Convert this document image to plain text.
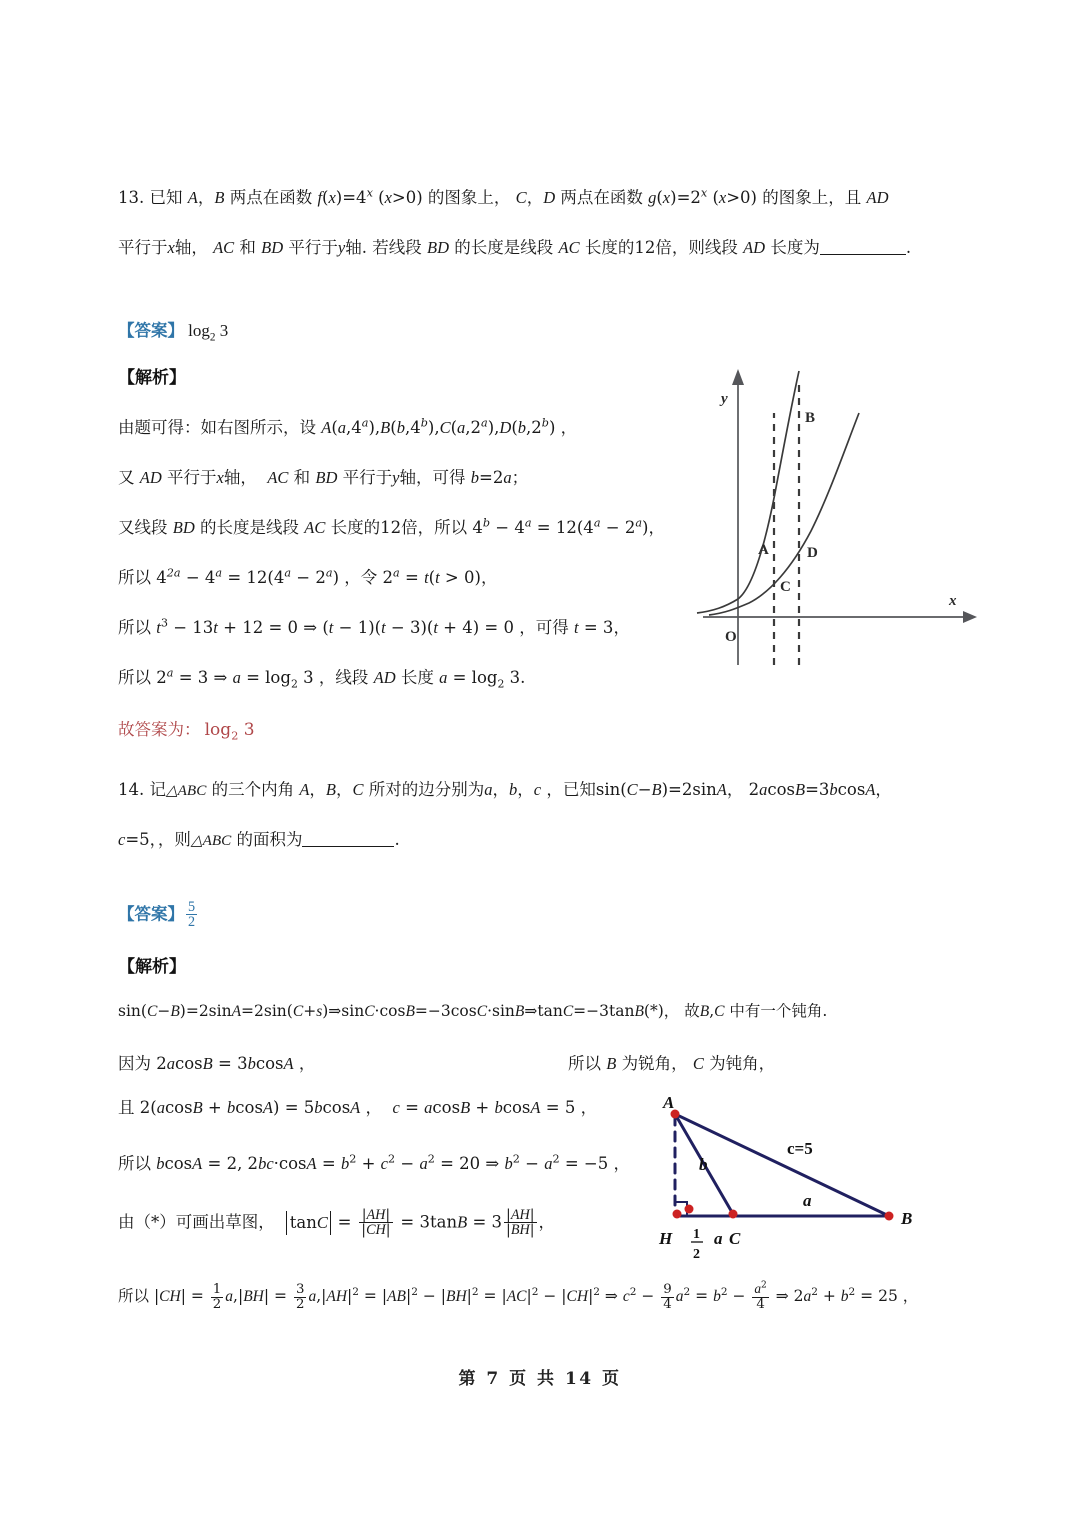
13. 已知 A，B 两点在函数 $f(x)=4^x$ (x>0) 的图象上， C，D 两点在函数 $g(x)=2^x$ (x>0) 的图象上，且 AD
平行于x轴， AC 和 BD 平行于y轴. 若线段 BD 的长度是线段 AC 长度的12倍，则线段 AD 长度为	.
【答案】 $\log_2 3$
【解析】
由题可得：如右图所示，设 A(a,4$^a$),B(b,4$^b$),C(a,2$^a$),D(b,2$^b$) ，
又 AD 平行于x轴， AC 和 BD 平行于y轴，可得 b=2a；
又线段 BD 的长度是线段 AC 长度的12倍，所以 $4^b - 4^a = 12(4^a - 2^a)$，
所以 $4^{2a} - 4^a = 12(4^a - 2^a)$ ，令 $2^a = t(t > 0)$，
所以 $t^3 - 13t + 12 = 0$ ⇒ (t − 1)(t − 3)(t + 4) = 0 ，可得 t = 3，
所以 $2^a = 3$ ⇒ $a = \log_2 3$ ，线段 AD 长度 $a = \log_2 3$.
故答案为： $\log_2 3$
y
x
O
A
B
C
D
14. 记△ABC 的三个内角 A，B，C 所对的边分别为a，b，c ，已知sin(C−B)=2sinA， 2acosB=3bcosA，
c=5，，则△ABC 的面积为	.
【答案】 $\frac{5}{2}$
【解析】
sin(C−B)=2sinA=2sin(C+s)⇒sinC·cosB=−3cosC·sinB⇒tanC=−3tanB(*)， 故B,C 中有一个钝角.
因为 2acosB = 3bcosA ，	所以 B 为锐角， C 为钝角，
且 2(acosB + bcosA) = 5bcosA ，  c = acosB + bcosA = 5 ，
所以 bcosA = 2, $2bc\cdot\cos A = b^2 + c^2 - a^2 = 20$ ⇒ $b^2 - a^2 = -5$ ，
由（*）可画出草图， $\tan C = \frac{|AH|}{|CH|} = 3\tan B = 3 \frac{|AH|}{|BH|}$ ，
所以 $|CH| = \frac{1}{2} a,|BH| = \frac{3}{2} a,|AH|^2 = |AB|^2 - |BH|^2 = |AC|^2 - |CH|^2$ ⇒ $c^2 - \frac{9}{4} a^2 = b^2 - \frac{a^2}{4}$ ⇒ $2a^2 + b^2 = 25$ ，
A
B
C
H
a
b
c=5
a
1
2
第 7 页 共 14 页
